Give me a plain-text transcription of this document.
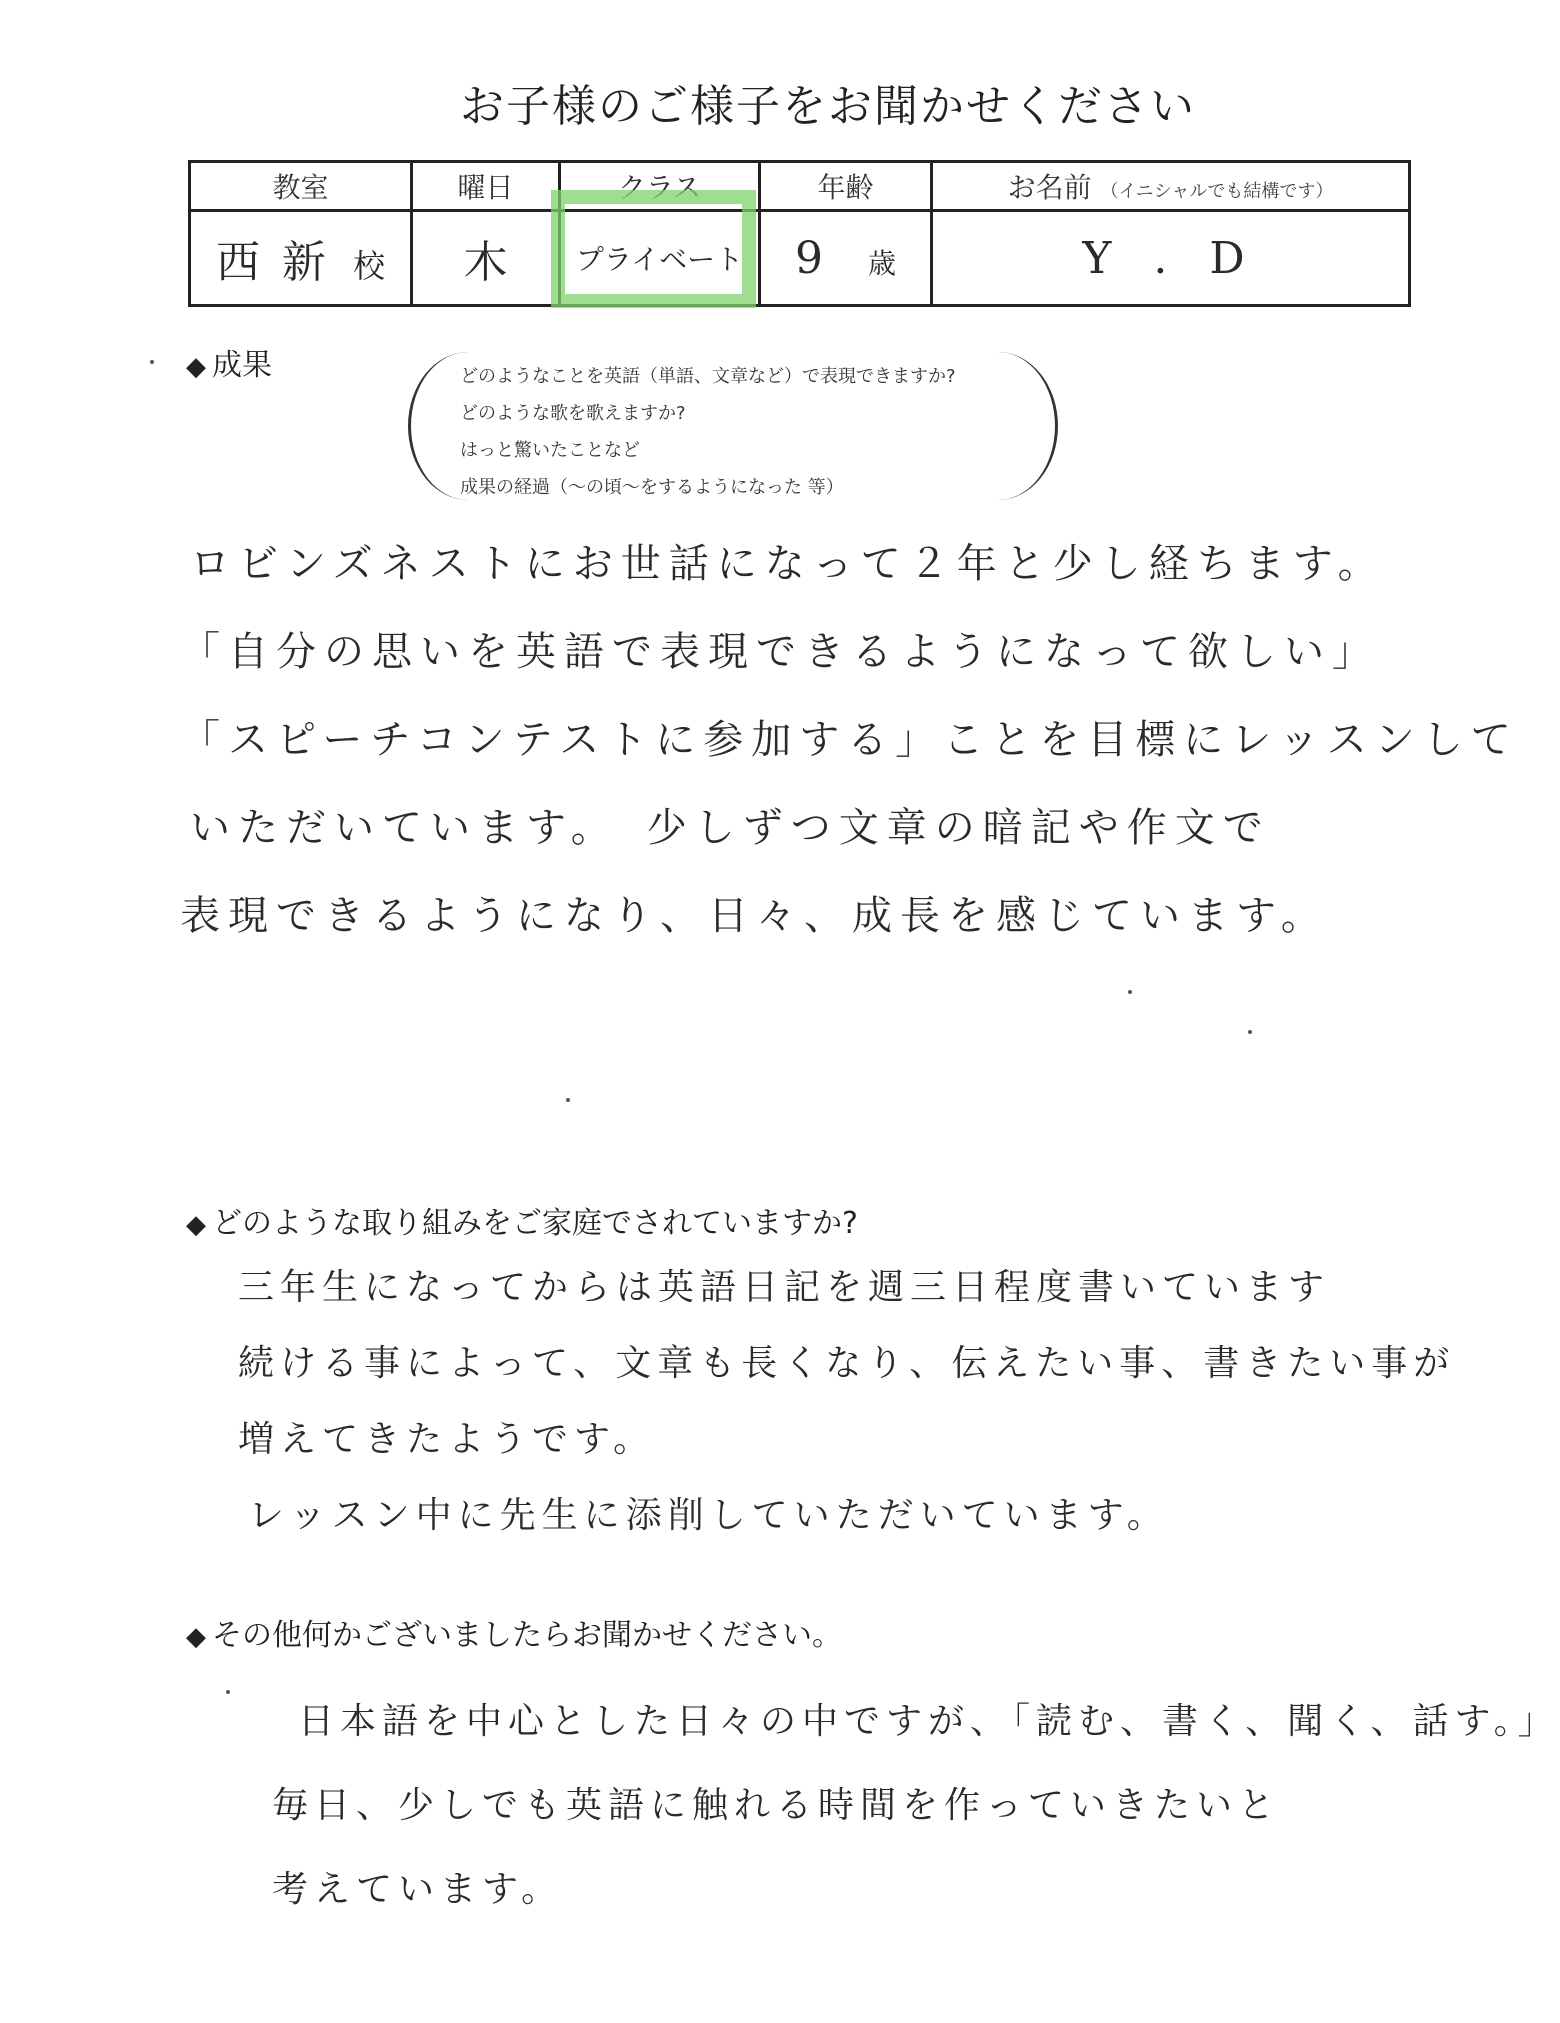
お子様のご様子をお聞かせください
教室	曜日	クラス	年齢	お名前 （イニシャルでも結構です）
西新 校	木	プライベート	9 歳	Y . D
◆ 成果	どのようなことを英語（単語、文章など）で表現できますか?
どのような歌を歌えますか?
はっと驚いたことなど
成果の経過（～の頃～をするようになった 等）
ロビンズネストにお世話になって２年と少し経ちます。
「自分の思いを英語で表現できるようになって欲しい」
「スピーチコンテストに参加する」ことを目標にレッスンして
いただいています。　少しずつ文章の暗記や作文で
表現できるようになり、日々、成長を感じています。
◆ どのような取り組みをご家庭でされていますか?
三年生になってからは英語日記を週三日程度書いています
続ける事によって、文章も長くなり、伝えたい事、書きたい事が
増えてきたようです。
レッスン中に先生に添削していただいています。
◆ その他何かございましたらお聞かせください。
日本語を中心とした日々の中ですが、「読む、書く、聞く、話す。」
毎日、少しでも英語に触れる時間を作っていきたいと
考えています。
